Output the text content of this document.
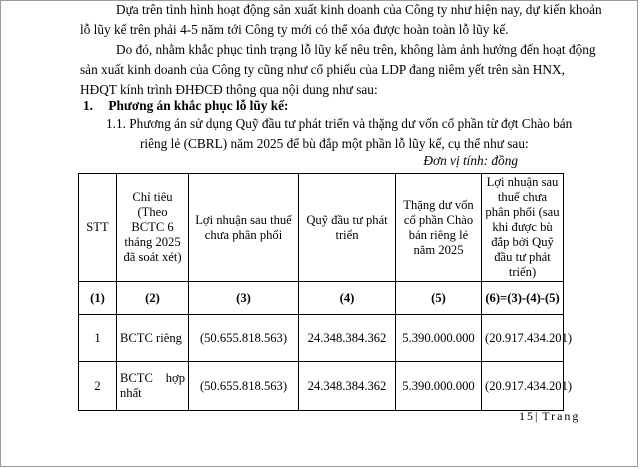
Dựa trên tình hình hoạt động sản xuất kinh doanh của Công ty như hiện nay, dự kiến khoản
lỗ lũy kế trên phải 4-5 năm tới Công ty mới có thể xóa được hoàn toàn lỗ lũy kế.
Do đó, nhằm khắc phục tình trạng lỗ lũy kế nêu trên, không làm ảnh hưởng đến hoạt động
sản xuất kinh doanh của Công ty cũng như cổ phiếu của LDP đang niêm yết trên sàn HNX,
HĐQT kính trình ĐHĐCĐ thông qua nội dung như sau:
1. Phương án khắc phục lỗ lũy kế:
1.1. Phương án sử dụng Quỹ đầu tư phát triển và thặng dư vốn cổ phần từ đợt Chào bán
riêng lẻ (CBRL) năm 2025 để bù đắp một phần lỗ lũy kế, cụ thể như sau:
Đơn vị tính: đồng
STT	Chỉ tiêu (Theo BCTC 6 tháng 2025 đã soát xét)	Lợi nhuận sau thuế chưa phân phối	Quỹ đầu tư phát triển	Thặng dư vốn cổ phần Chào bán riêng lẻ năm 2025	Lợi nhuận sau thuế chưa phân phối (sau khi được bù đắp bởi Quỹ đầu tư phát triển)
(1)	(2)	(3)	(4)	(5)	(6)=(3)-(4)-(5)
1	BCTC riêng	(50.655.818.563)	24.348.384.362	5.390.000.000	(20.917.434.201)
2	BCTC hợp nhất	(50.655.818.563)	24.348.384.362	5.390.000.000	(20.917.434.201)
15| Trang
